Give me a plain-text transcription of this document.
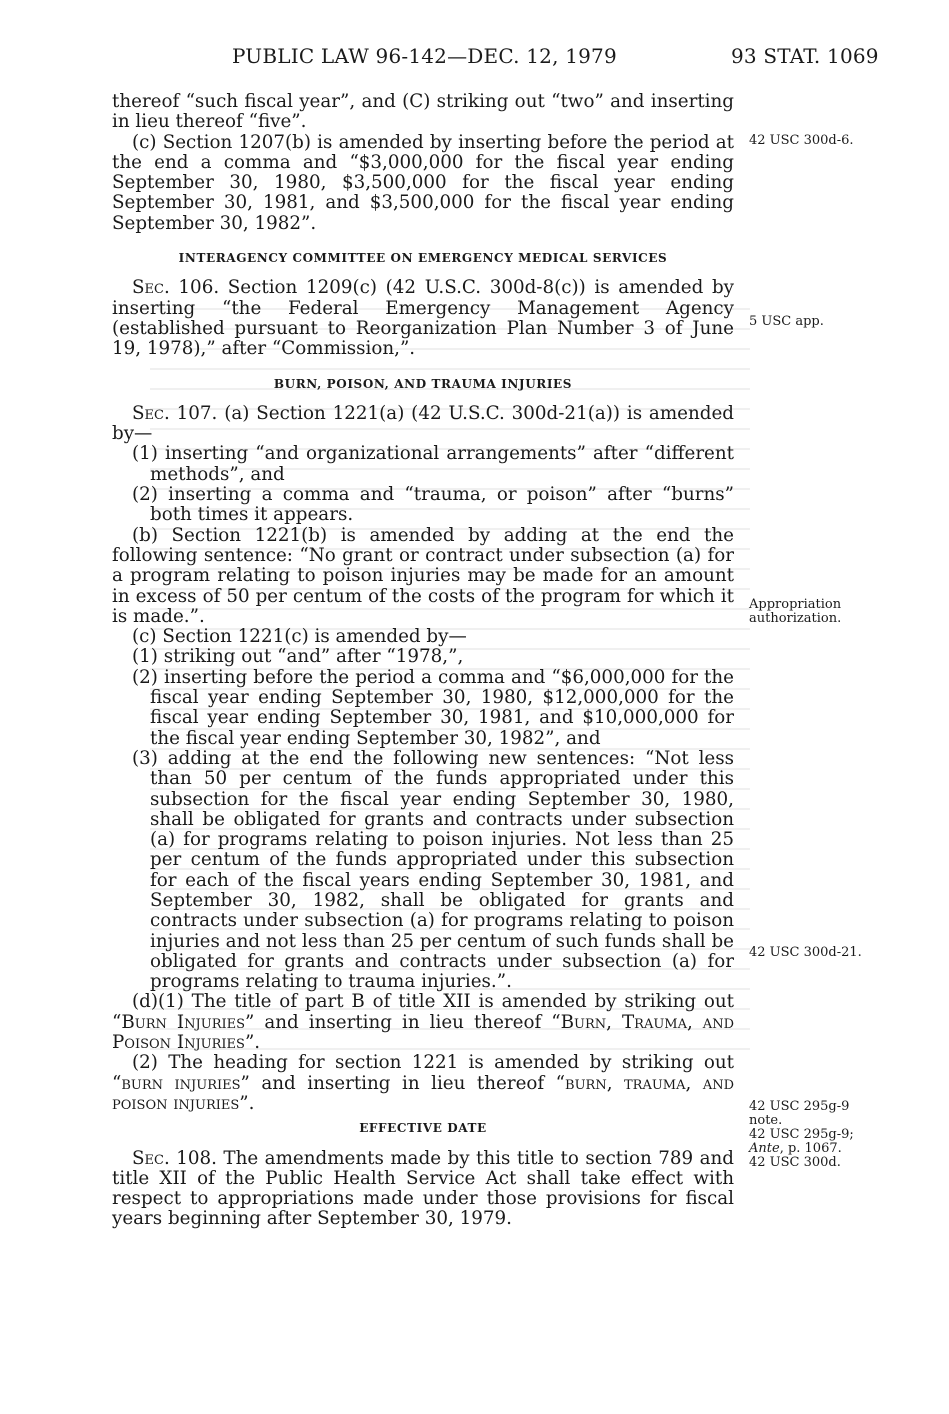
PUBLIC LAW 96-142—DEC. 12, 1979	93 STAT. 1069

thereof “such fiscal year”, and (C) striking out “two” and inserting in lieu thereof “five”.

(c) Section 1207(b) is amended by inserting before the period at the end a comma and “$3,000,000 for the fiscal year ending September 30, 1980, $3,500,000 for the fiscal year ending September 30, 1981, and $3,500,000 for the fiscal year ending September 30, 1982”.

INTERAGENCY COMMITTEE ON EMERGENCY MEDICAL SERVICES

Sec. 106. Section 1209(c) (42 U.S.C. 300d-8(c)) is amended by inserting “the Federal Emergency Management Agency (established pursuant to Reorganization Plan Number 3 of June 19, 1978),” after “Commission,”.

BURN, POISON, AND TRAUMA INJURIES

Sec. 107. (a) Section 1221(a) (42 U.S.C. 300d-21(a)) is amended by—

(1) inserting “and organizational arrangements” after “different methods”, and

(2) inserting a comma and “trauma, or poison” after “burns” both times it appears.

(b) Section 1221(b) is amended by adding at the end the following sentence: “No grant or contract under subsection (a) for a program relating to poison injuries may be made for an amount in excess of 50 per centum of the costs of the program for which it is made.”.

(c) Section 1221(c) is amended by—

(1) striking out “and” after “1978,”,

(2) inserting before the period a comma and “$6,000,000 for the fiscal year ending September 30, 1980, $12,000,000 for the fiscal year ending September 30, 1981, and $10,000,000 for the fiscal year ending September 30, 1982”, and

(3) adding at the end the following new sentences: “Not less than 50 per centum of the funds appropriated under this subsection for the fiscal year ending September 30, 1980, shall be obligated for grants and contracts under subsection (a) for programs relating to poison injuries. Not less than 25 per centum of the funds appropriated under this subsection for each of the fiscal years ending September 30, 1981, and September 30, 1982, shall be obligated for grants and contracts under subsection (a) for programs relating to poison injuries and not less than 25 per centum of such funds shall be obligated for grants and contracts under subsection (a) for programs relating to trauma injuries.”.

(d)(1) The title of part B of title XII is amended by striking out “Burn Injuries” and inserting in lieu thereof “Burn, Trauma, and Poison Injuries”.

(2) The heading for section 1221 is amended by striking out “burn injuries” and inserting in lieu thereof “burn, trauma, and poison injuries”.

EFFECTIVE DATE

Sec. 108. The amendments made by this title to section 789 and title XII of the Public Health Service Act shall take effect with respect to appropriations made under those provisions for fiscal years beginning after September 30, 1979.

42 USC 300d-6.
5 USC app.
Appropriation
authorization.
42 USC 300d-21.
42 USC 295g-9
note.
42 USC 295g-9;
Ante, p. 1067.
42 USC 300d.
